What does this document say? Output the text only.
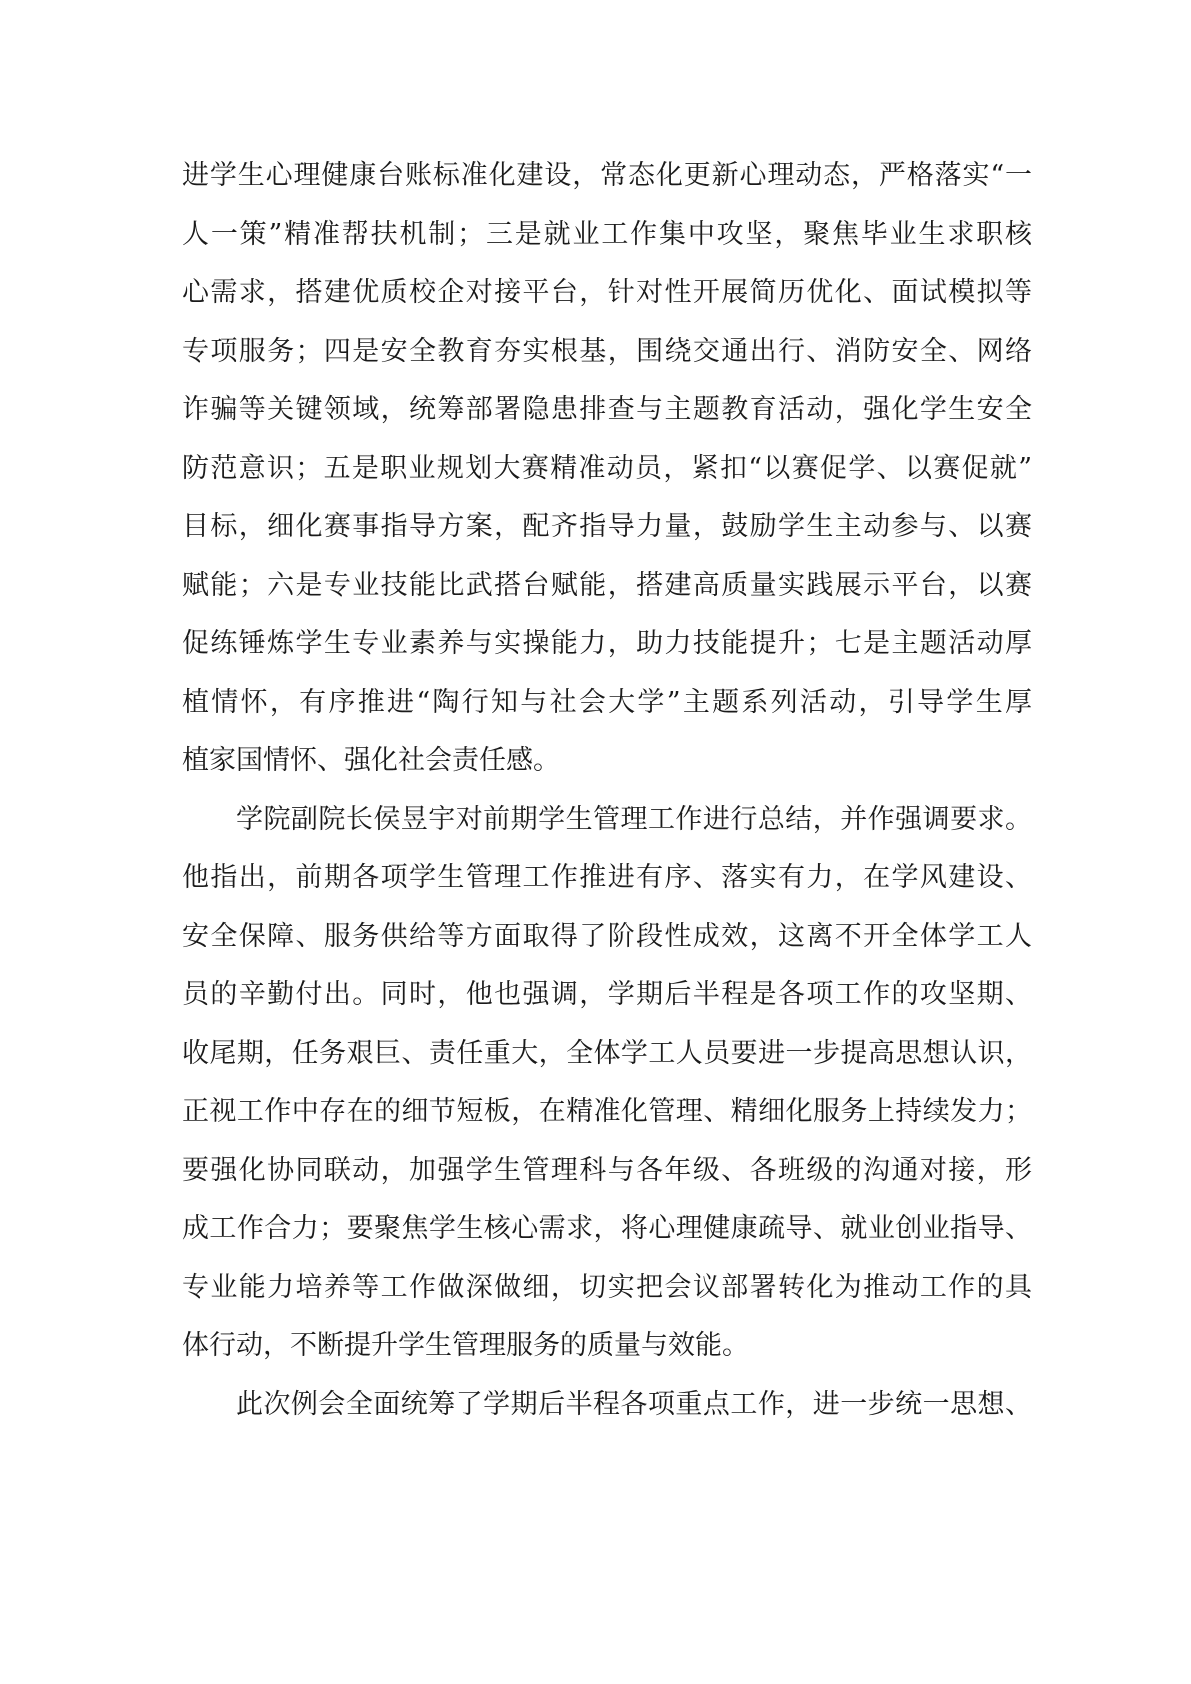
进学生心理健康台账标准化建设，常态化更新心理动态，严格落实“一
人一策”精准帮扶机制；三是就业工作集中攻坚，聚焦毕业生求职核
心需求，搭建优质校企对接平台，针对性开展简历优化、面试模拟等
专项服务；四是安全教育夯实根基，围绕交通出行、消防安全、网络
诈骗等关键领域，统筹部署隐患排查与主题教育活动，强化学生安全
防范意识；五是职业规划大赛精准动员，紧扣“以赛促学、以赛促就”
目标，细化赛事指导方案，配齐指导力量，鼓励学生主动参与、以赛
赋能；六是专业技能比武搭台赋能，搭建高质量实践展示平台，以赛
促练锤炼学生专业素养与实操能力，助力技能提升；七是主题活动厚
植情怀，有序推进“陶行知与社会大学”主题系列活动，引导学生厚
植家国情怀、强化社会责任感。
学院副院长侯昱宇对前期学生管理工作进行总结，并作强调要求。
他指出，前期各项学生管理工作推进有序、落实有力，在学风建设、
安全保障、服务供给等方面取得了阶段性成效，这离不开全体学工人
员的辛勤付出。同时，他也强调，学期后半程是各项工作的攻坚期、
收尾期，任务艰巨、责任重大，全体学工人员要进一步提高思想认识，
正视工作中存在的细节短板，在精准化管理、精细化服务上持续发力；
要强化协同联动，加强学生管理科与各年级、各班级的沟通对接，形
成工作合力；要聚焦学生核心需求，将心理健康疏导、就业创业指导、
专业能力培养等工作做深做细，切实把会议部署转化为推动工作的具
体行动，不断提升学生管理服务的质量与效能。
此次例会全面统筹了学期后半程各项重点工作，进一步统一思想、
